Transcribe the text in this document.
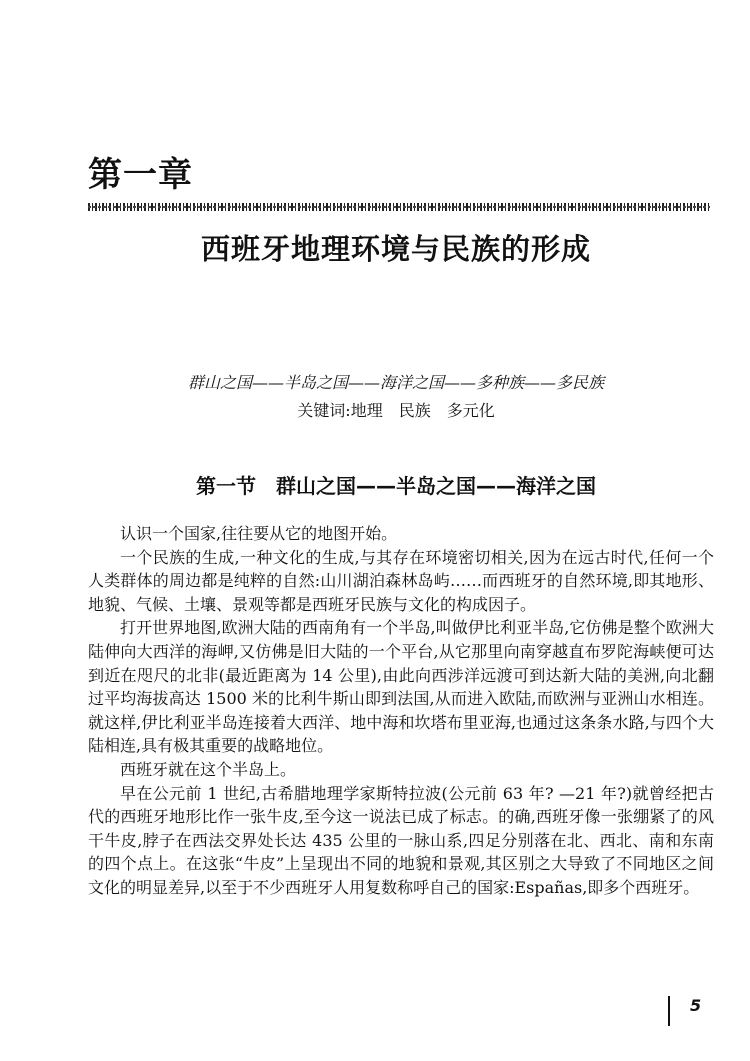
第一章
西班牙地理环境与民族的形成
群山之国——半岛之国——海洋之国——多种族——多民族
关键词:地理　民族　多元化
第一节　群山之国——半岛之国——海洋之国

认识一个国家,往往要从它的地图开始。

一个民族的生成,一种文化的生成,与其存在环境密切相关,因为在远古时代,任何一个人类群体的周边都是纯粹的自然:山川湖泊森林岛屿……而西班牙的自然环境,即其地形、地貌、气候、土壤、景观等都是西班牙民族与文化的构成因子。

打开世界地图,欧洲大陆的西南角有一个半岛,叫做伊比利亚半岛,它仿佛是整个欧洲大陆伸向大西洋的海岬,又仿佛是旧大陆的一个平台,从它那里向南穿越直布罗陀海峡便可达到近在咫尺的北非(最近距离为 14 公里),由此向西涉洋远渡可到达新大陆的美洲,向北翻过平均海拔高达 1500 米的比利牛斯山即到法国,从而进入欧陆,而欧洲与亚洲山水相连。就这样,伊比利亚半岛连接着大西洋、地中海和坎塔布里亚海,也通过这条条水路,与四个大陆相连,具有极其重要的战略地位。

西班牙就在这个半岛上。

早在公元前 1 世纪,古希腊地理学家斯特拉波(公元前 63 年? —21 年?)就曾经把古代的西班牙地形比作一张牛皮,至今这一说法已成了标志。的确,西班牙像一张绷紧了的风干牛皮,脖子在西法交界处长达 435 公里的一脉山系,四足分别落在北、西北、南和东南的四个点上。在这张“牛皮”上呈现出不同的地貌和景观,其区别之大导致了不同地区之间文化的明显差异,以至于不少西班牙人用复数称呼自己的国家:Españas,即多个西班牙。

5
